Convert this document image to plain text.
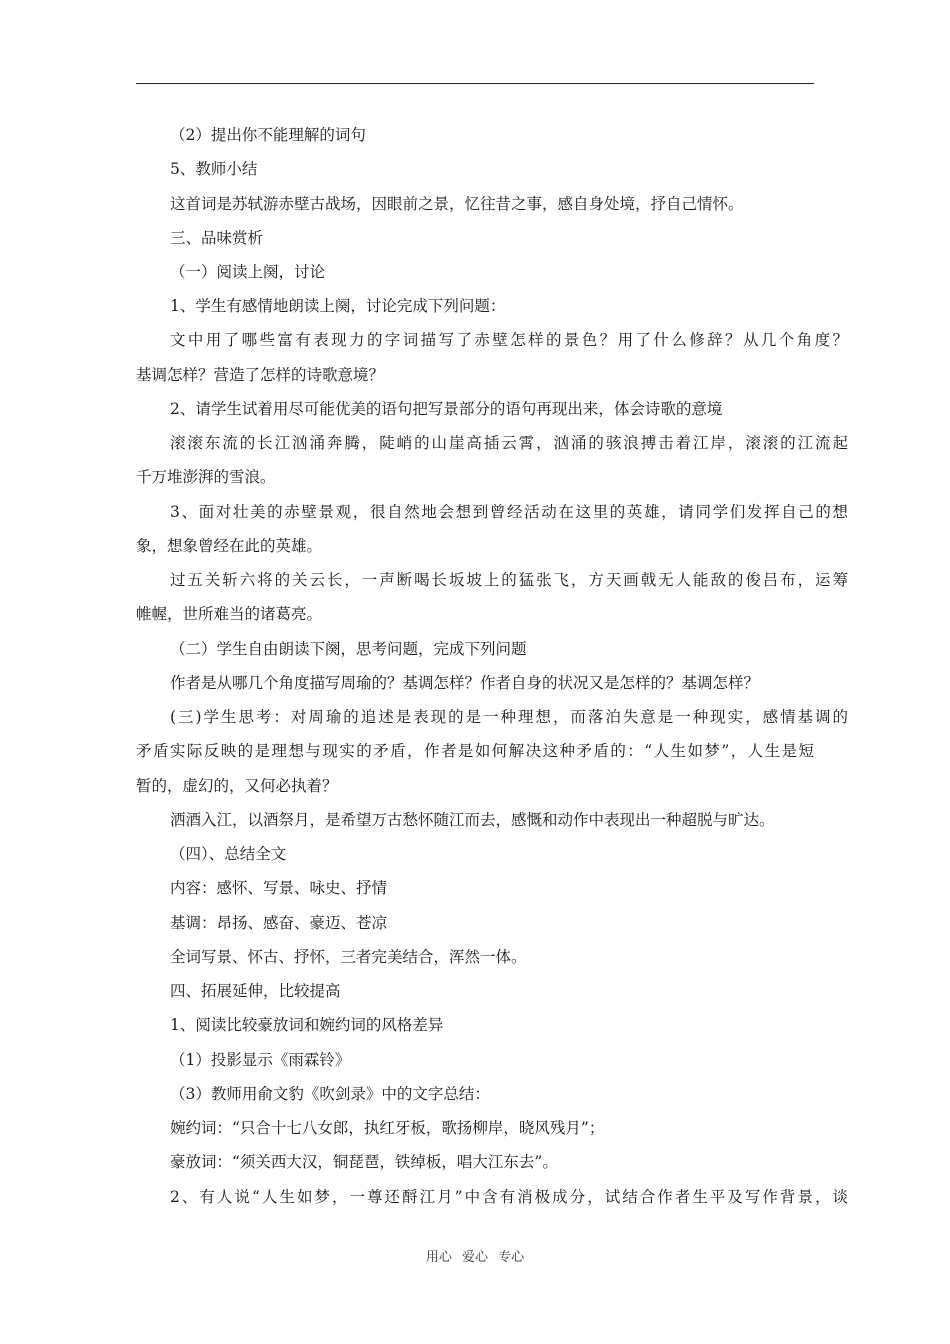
（2）提出你不能理解的词句
5、教师小结
这首词是苏轼游赤壁古战场，因眼前之景，忆往昔之事，感自身处境，抒自己情怀。
三、品味赏析
（一）阅读上阕，讨论
1、学生有感情地朗读上阕，讨论完成下列问题：
文中用了哪些富有表现力的字词描写了赤壁怎样的景色？用了什么修辞？从几个角度？
基调怎样？营造了怎样的诗歌意境？
2、请学生试着用尽可能优美的语句把写景部分的语句再现出来，体会诗歌的意境
滚滚东流的长江汹涌奔腾，陡峭的山崖高插云霄，汹涌的骇浪搏击着江岸，滚滚的江流起
千万堆澎湃的雪浪。
3、面对壮美的赤壁景观，很自然地会想到曾经活动在这里的英雄，请同学们发挥自己的想
象，想象曾经在此的英雄。
过五关斩六将的关云长，一声断喝长坂坡上的猛张飞，方天画戟无人能敌的俊吕布，运筹
帷幄，世所难当的诸葛亮。
（二）学生自由朗读下阕，思考问题，完成下列问题
作者是从哪几个角度描写周瑜的？基调怎样？作者自身的状况又是怎样的？基调怎样？
(三)学生思考：对周瑜的追述是表现的是一种理想，而落泊失意是一种现实，感情基调的
矛盾实际反映的是理想与现实的矛盾，作者是如何解决这种矛盾的：“人生如梦”，人生是短
暂的，虚幻的，又何必执着？
洒酒入江，以酒祭月，是希望万古愁怀随江而去，感慨和动作中表现出一种超脱与旷达。
（四）、总结全文
内容：感怀、写景、咏史、抒情
基调：昂扬、感奋、豪迈、苍凉
全词写景、怀古、抒怀，三者完美结合，浑然一体。
四、拓展延伸，比较提高
1、阅读比较豪放词和婉约词的风格差异
（1）投影显示《雨霖铃》
（3）教师用俞文豹《吹剑录》中的文字总结：
婉约词：“只合十七八女郎，执红牙板，歌扬柳岸，晓风残月”；
豪放词：“须关西大汉，铜琵琶，铁绰板，唱大江东去”。
2、有人说“人生如梦，一尊还酹江月”中含有消极成分，试结合作者生平及写作背景，谈
用心 爱心 专心
